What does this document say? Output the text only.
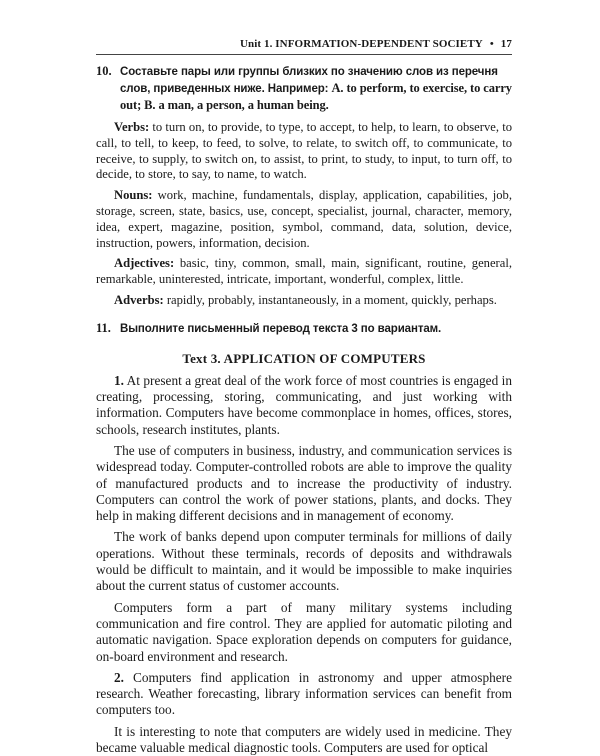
Unit 1. INFORMATION-DEPENDENT SOCIETY • 17
10. Составьте пары или группы близких по значению слов из перечня слов, приведенных ниже. Например: A. to perform, to exercise, to carry out; B. a man, a person, a human being.

Verbs: to turn on, to provide, to type, to accept, to help, to learn, to observe, to call, to tell, to keep, to feed, to solve, to relate, to switch off, to communicate, to receive, to supply, to switch on, to assist, to print, to study, to input, to turn off, to decide, to store, to say, to name, to watch.

Nouns: work, machine, fundamentals, display, application, capabilities, job, storage, screen, state, basics, use, concept, specialist, journal, character, memory, idea, expert, magazine, position, symbol, command, data, solution, device, instruction, powers, information, decision.

Adjectives: basic, tiny, common, small, main, significant, routine, general, remarkable, uninterested, intricate, important, wonderful, complex, little.

Adverbs: rapidly, probably, instantaneously, in a moment, quickly, perhaps.

11. Выполните письменный перевод текста 3 по вариантам.
Text 3. APPLICATION OF COMPUTERS

1. At present a great deal of the work force of most countries is engaged in creating, processing, storing, communicating, and just working with information. Computers have become commonplace in homes, offices, stores, schools, research institutes, plants.

The use of computers in business, industry, and communication services is widespread today. Computer-controlled robots are able to improve the quality of manufactured products and to increase the productivity of industry. Computers can control the work of power stations, plants, and docks. They help in making different decisions and in management of economy.

The work of banks depend upon computer terminals for millions of daily operations. Without these terminals, records of deposits and withdrawals would be difficult to maintain, and it would be impossible to make inquiries about the current status of customer accounts.

Computers form a part of many military systems including communication and fire control. They are applied for automatic piloting and automatic navigation. Space exploration depends on computers for guidance, on-board environment and research.

2. Computers find application in astronomy and upper atmosphere research. Weather forecasting, library information services can benefit from computers too.

It is interesting to note that computers are widely used in medicine. They became valuable medical diagnostic tools. Computers are used for optical
